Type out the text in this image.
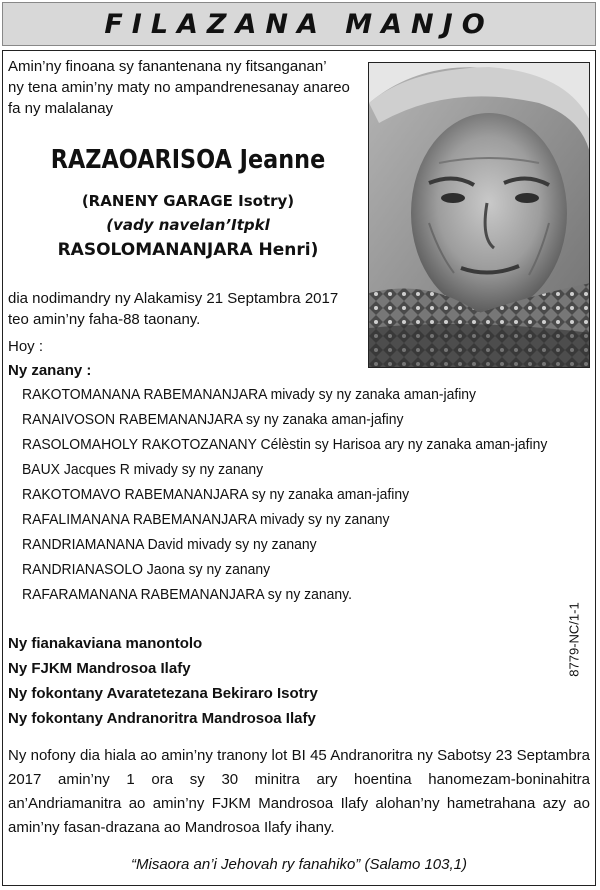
FILAZANA MANJO
Amin’ny finoana sy fanantenana ny fitsanganan’
ny tena amin’ny maty no ampandrenesanay anareo
fa ny malalanay
RAZAOARISOA Jeanne
(RANENY GARAGE Isotry)
(vady navelan’Itpkl
RASOLOMANANJARA Henri)
dia nodimandry ny Alakamisy 21 Septambra 2017
teo amin’ny faha-88 taonany.
Hoy :
Ny zanany :
RAKOTOMANANA RABEMANANJARA mivady sy ny zanaka aman-jafiny
RANAIVOSON RABEMANANJARA sy ny zanaka aman-jafiny
RASOLOMAHOLY RAKOTOZANANY Célèstin sy Harisoa ary ny zanaka aman-jafiny
BAUX Jacques R mivady sy ny zanany
RAKOTOMAVO RABEMANANJARA sy ny zanaka aman-jafiny
RAFALIMANANA RABEMANANJARA mivady sy ny zanany
RANDRIAMANANA David mivady sy ny zanany
RANDRIANASOLO Jaona sy ny zanany
RAFARAMANANA RABEMANANJARA sy ny zanany.
8779-NC/1-1
Ny fianakaviana manontolo
Ny FJKM Mandrosoa Ilafy
Ny fokontany Avaratetezana Bekiraro Isotry
Ny fokontany Andranoritra Mandrosoa Ilafy
Ny nofony dia hiala ao amin’ny tranony lot BI 45 Andranoritra ny Sabotsy 23 Septambra
2017 amin’ny 1 ora sy 30 minitra ary hoentina hanomezam-boninahitra
an’Andriamanitra ao amin’ny FJKM Mandrosoa Ilafy alohan’ny hametrahana azy ao
amin’ny fasan-drazana ao Mandrosoa Ilafy ihany.
“Misaora an’i Jehovah ry fanahiko” (Salamo 103,1)
